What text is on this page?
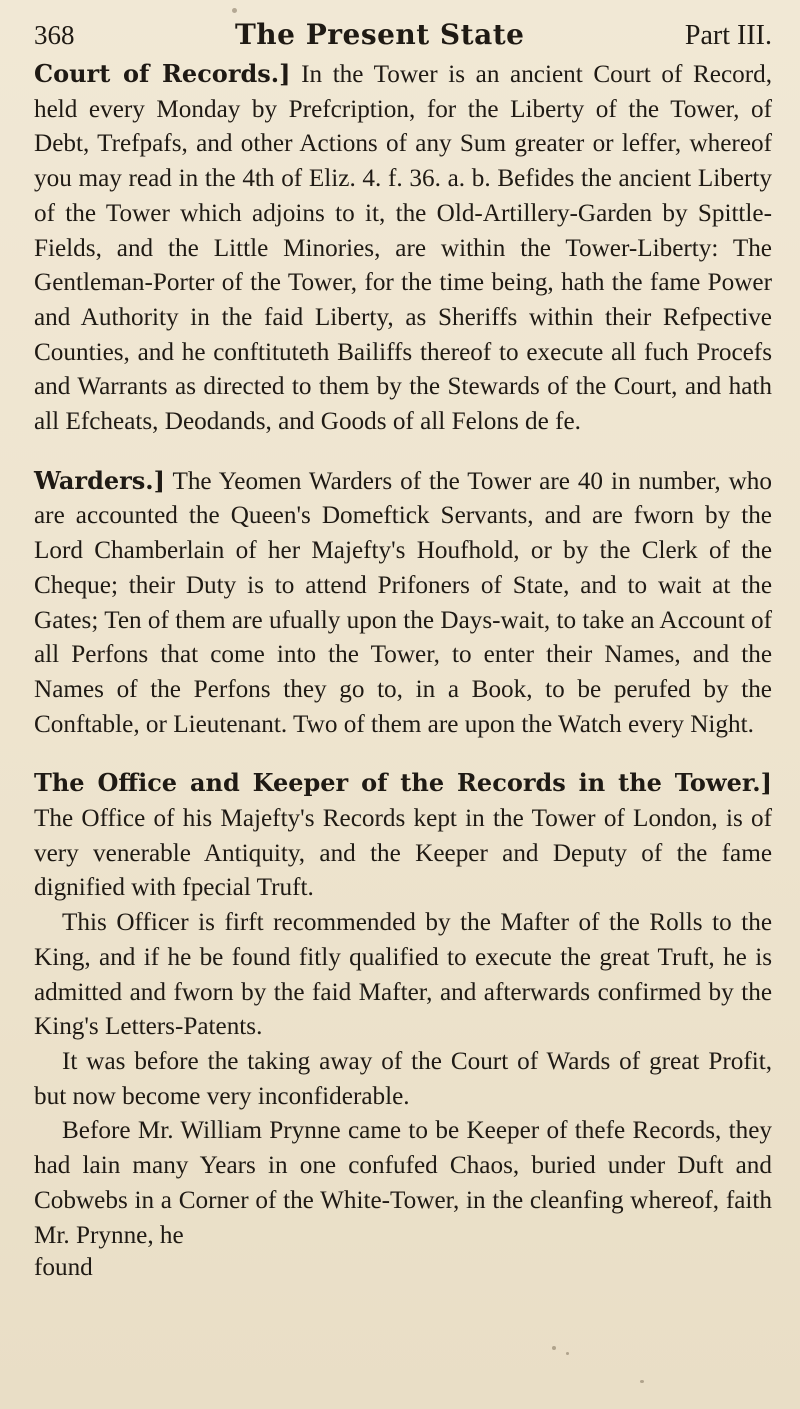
368	The Present State	Part III.

Court of Records.] In the Tower is an ancient Court of Record, held every Monday by Prefcription, for the Liberty of the Tower, of Debt, Trefpafs, and other Actions of any Sum greater or leffer, whereof you may read in the 4th of Eliz. 4. f. 36. a. b. Befides the ancient Liberty of the Tower which adjoins to it, the Old-Artillery-Garden by Spittle-Fields, and the Little Minories, are within the Tower-Liberty: The Gentleman-Porter of the Tower, for the time being, hath the fame Power and Authority in the faid Liberty, as Sheriffs within their Refpective Counties, and he conftituteth Bailiffs thereof to execute all fuch Procefs and Warrants as directed to them by the Stewards of the Court, and hath all Efcheats, Deodands, and Goods of all Felons de fe.

Warders.] The Yeomen Warders of the Tower are 40 in number, who are accounted the Queen's Domeftick Servants, and are fworn by the Lord Chamberlain of her Majefty's Houfhold, or by the Clerk of the Cheque; their Duty is to attend Prifoners of State, and to wait at the Gates; Ten of them are ufually upon the Days-wait, to take an Account of all Perfons that come into the Tower, to enter their Names, and the Names of the Perfons they go to, in a Book, to be perufed by the Conftable, or Lieutenant. Two of them are upon the Watch every Night.

The Office and Keeper of the Records in the Tower.] The Office of his Majefty's Records kept in the Tower of London, is of very venerable Antiquity, and the Keeper and Deputy of the fame dignified with fpecial Truft.

This Officer is firft recommended by the Mafter of the Rolls to the King, and if he be found fitly qualified to execute the great Truft, he is admitted and fworn by the faid Mafter, and afterwards confirmed by the King's Letters-Patents.

It was before the taking away of the Court of Wards of great Profit, but now become very inconfiderable.

Before Mr. William Prynne came to be Keeper of thefe Records, they had lain many Years in one confufed Chaos, buried under Duft and Cobwebs in a Corner of the White-Tower, in the cleanfing whereof, faith Mr. Prynne, he

found
